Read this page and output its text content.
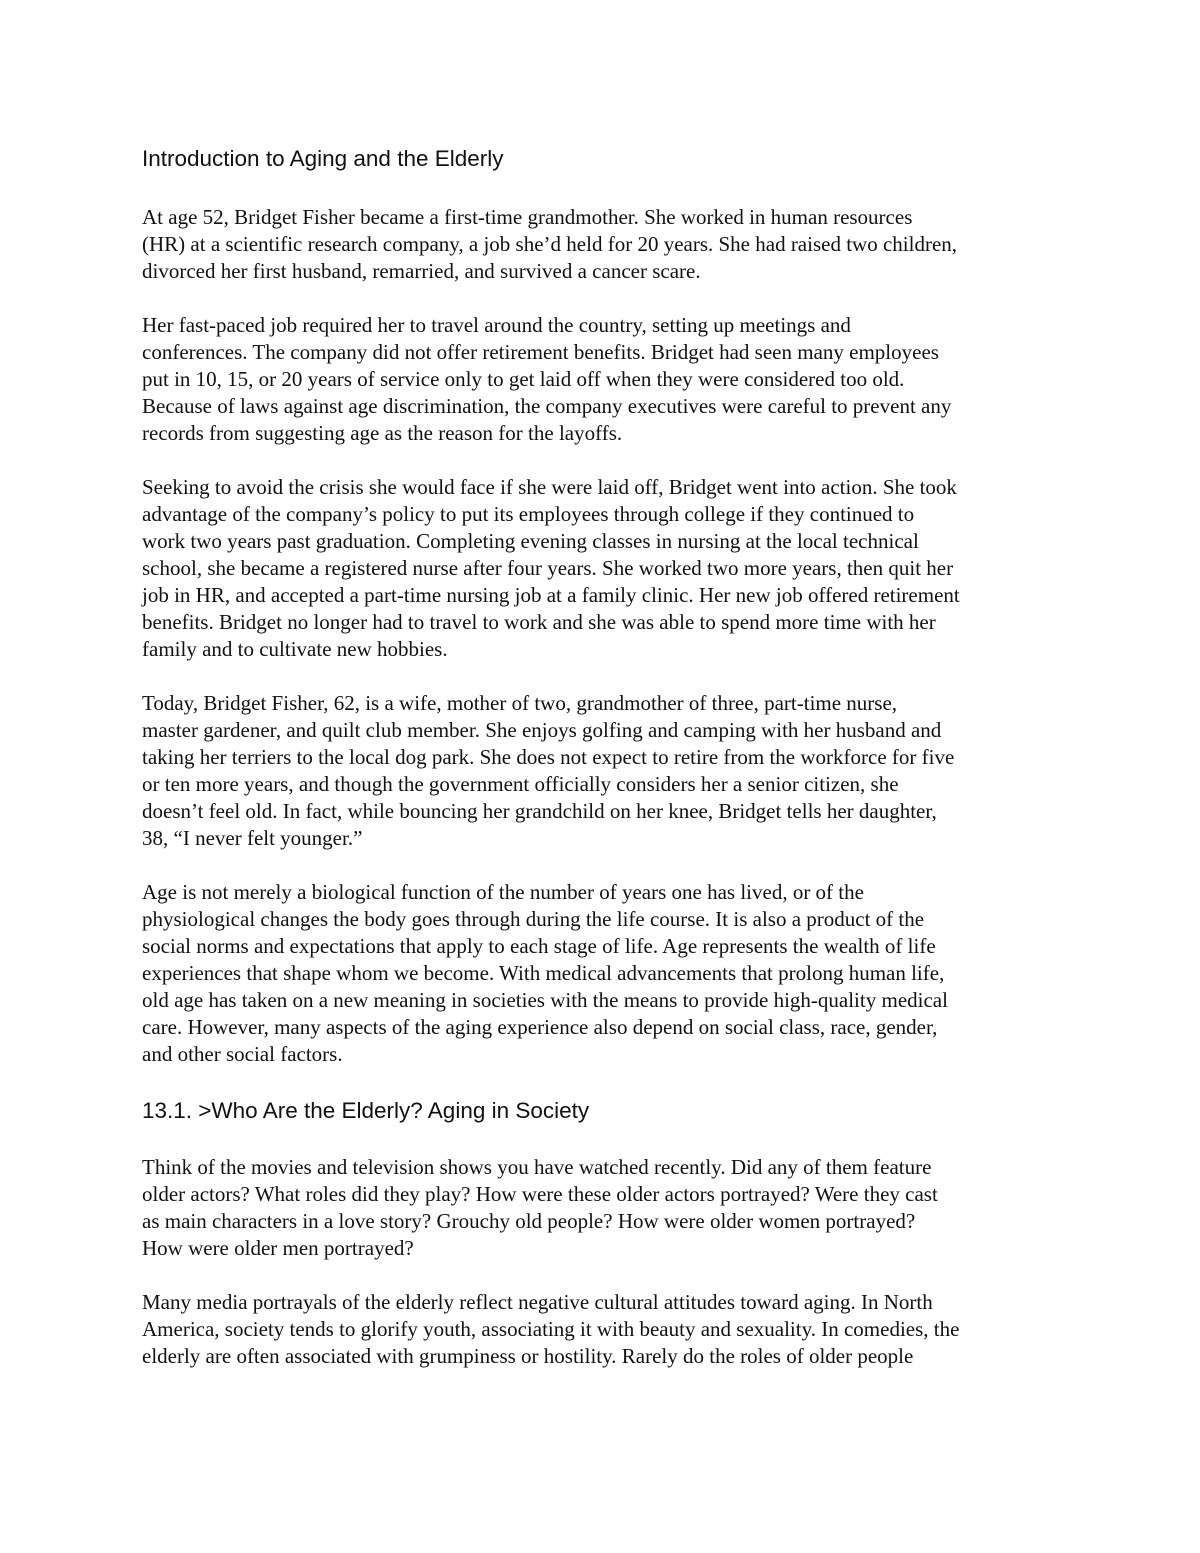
Introduction to Aging and the Elderly

At age 52, Bridget Fisher became a first-time grandmother. She worked in human resources
(HR) at a scientific research company, a job she’d held for 20 years. She had raised two children,
divorced her first husband, remarried, and survived a cancer scare.

Her fast-paced job required her to travel around the country, setting up meetings and
conferences. The company did not offer retirement benefits. Bridget had seen many employees
put in 10, 15, or 20 years of service only to get laid off when they were considered too old.
Because of laws against age discrimination, the company executives were careful to prevent any
records from suggesting age as the reason for the layoffs.

Seeking to avoid the crisis she would face if she were laid off, Bridget went into action. She took
advantage of the company’s policy to put its employees through college if they continued to
work two years past graduation. Completing evening classes in nursing at the local technical
school, she became a registered nurse after four years. She worked two more years, then quit her
job in HR, and accepted a part-time nursing job at a family clinic. Her new job offered retirement
benefits. Bridget no longer had to travel to work and she was able to spend more time with her
family and to cultivate new hobbies.

Today, Bridget Fisher, 62, is a wife, mother of two, grandmother of three, part-time nurse,
master gardener, and quilt club member. She enjoys golfing and camping with her husband and
taking her terriers to the local dog park. She does not expect to retire from the workforce for five
or ten more years, and though the government officially considers her a senior citizen, she
doesn’t feel old. In fact, while bouncing her grandchild on her knee, Bridget tells her daughter,
38, “I never felt younger.”

Age is not merely a biological function of the number of years one has lived, or of the
physiological changes the body goes through during the life course. It is also a product of the
social norms and expectations that apply to each stage of life. Age represents the wealth of life
experiences that shape whom we become. With medical advancements that prolong human life,
old age has taken on a new meaning in societies with the means to provide high-quality medical
care. However, many aspects of the aging experience also depend on social class, race, gender,
and other social factors.

13.1. >Who Are the Elderly? Aging in Society

Think of the movies and television shows you have watched recently. Did any of them feature
older actors? What roles did they play? How were these older actors portrayed? Were they cast
as main characters in a love story? Grouchy old people? How were older women portrayed?
How were older men portrayed?

Many media portrayals of the elderly reflect negative cultural attitudes toward aging. In North
America, society tends to glorify youth, associating it with beauty and sexuality. In comedies, the
elderly are often associated with grumpiness or hostility. Rarely do the roles of older people
